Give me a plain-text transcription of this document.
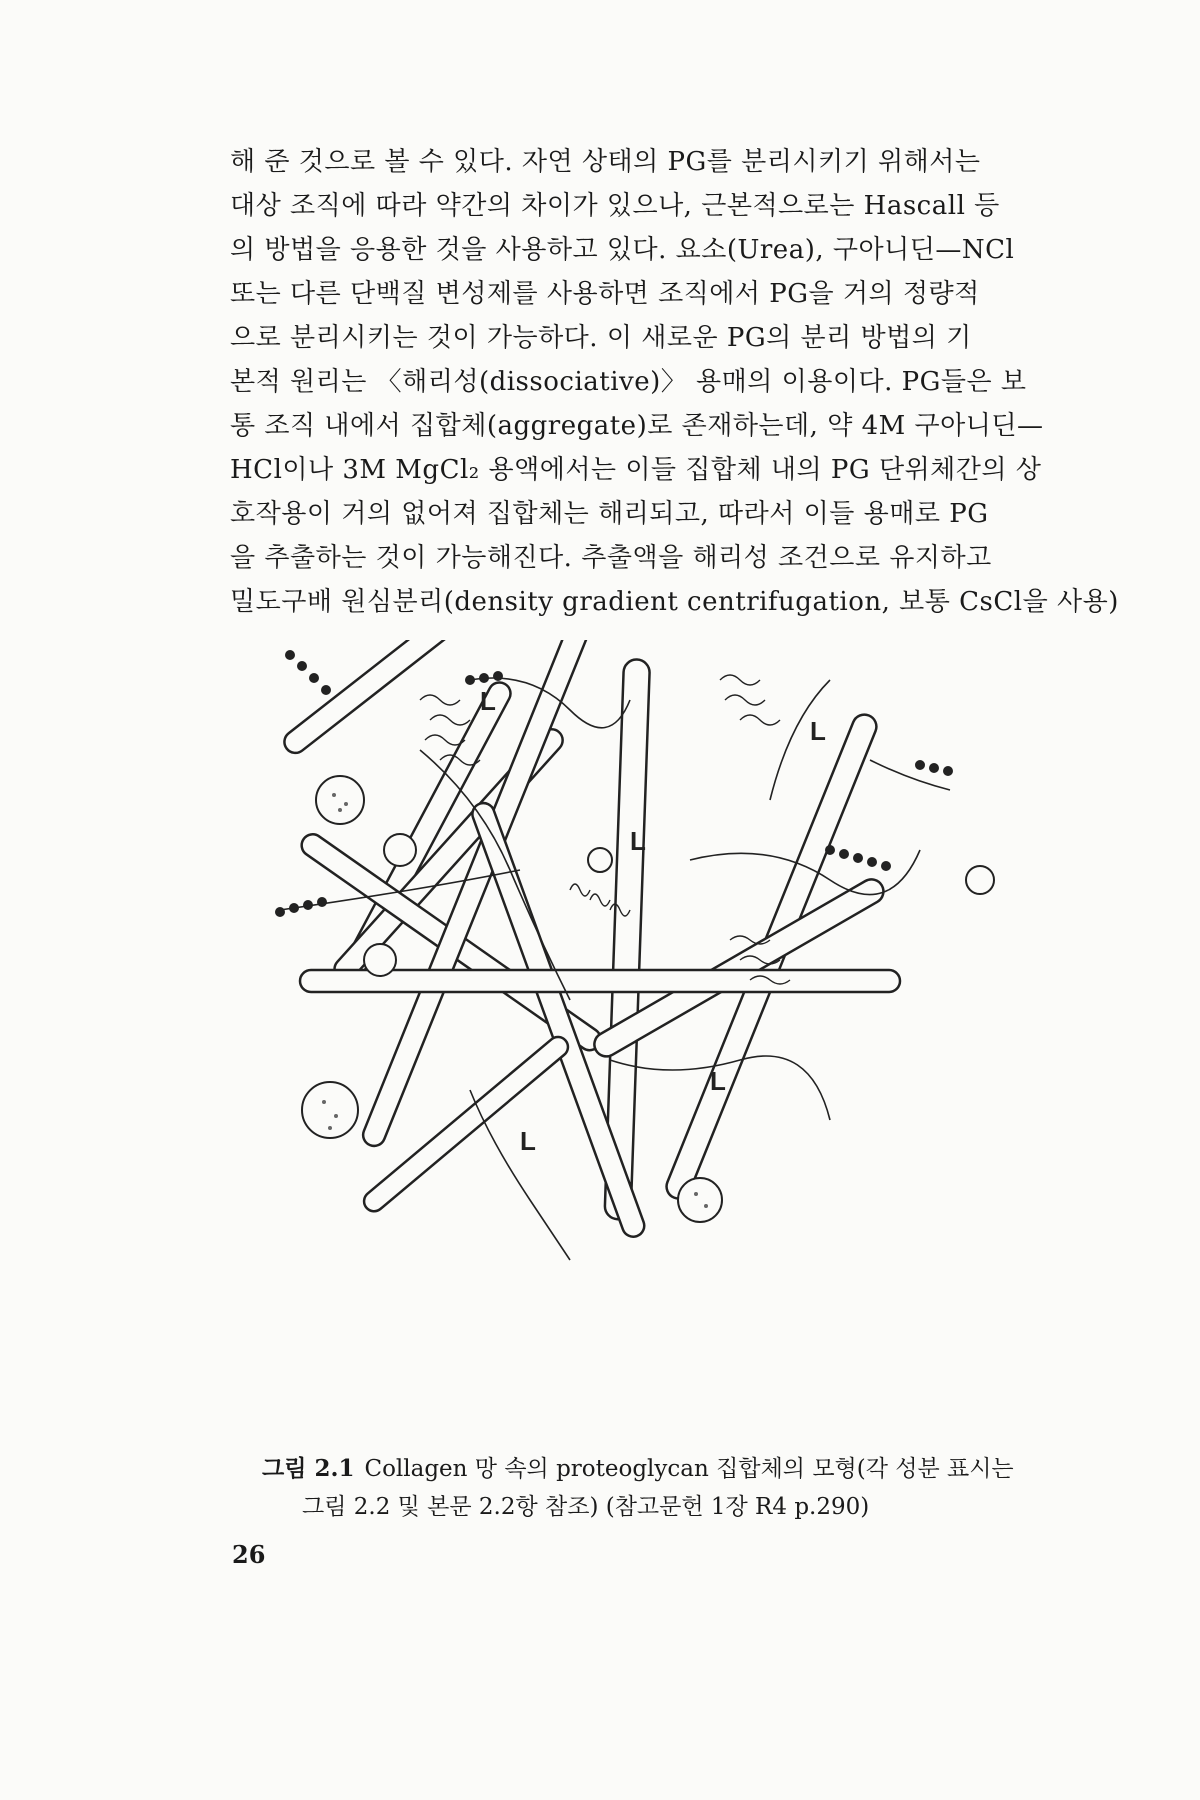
해 준 것으로 볼 수 있다. 자연 상태의 PG를 분리시키기 위해서는
대상 조직에 따라 약간의 차이가 있으나, 근본적으로는 Hascall 등
의 방법을 응용한 것을 사용하고 있다. 요소(Urea), 구아니딘—NCl
또는 다른 단백질 변성제를 사용하면 조직에서 PG을 거의 정량적
으로 분리시키는 것이 가능하다. 이 새로운 PG의 분리 방법의 기
본적 원리는 〈해리성(dissociative)〉 용매의 이용이다. PG들은 보
통 조직 내에서 집합체(aggregate)로 존재하는데, 약 4M 구아니딘—
HCl이나 3M MgCl₂ 용액에서는 이들 집합체 내의 PG 단위체간의 상
호작용이 거의 없어져 집합체는 해리되고, 따라서 이들 용매로 PG
을 추출하는 것이 가능해진다. 추출액을 해리성 조건으로 유지하고
밀도구배 원심분리(density gradient centrifugation, 보통 CsCl을 사용)
L
L
L
L
L
그림 2.1 Collagen 망 속의 proteoglycan 집합체의 모형(각 성분 표시는
그림 2.2 및 본문 2.2항 참조) (참고문헌 1장 R4 p.290)
26
